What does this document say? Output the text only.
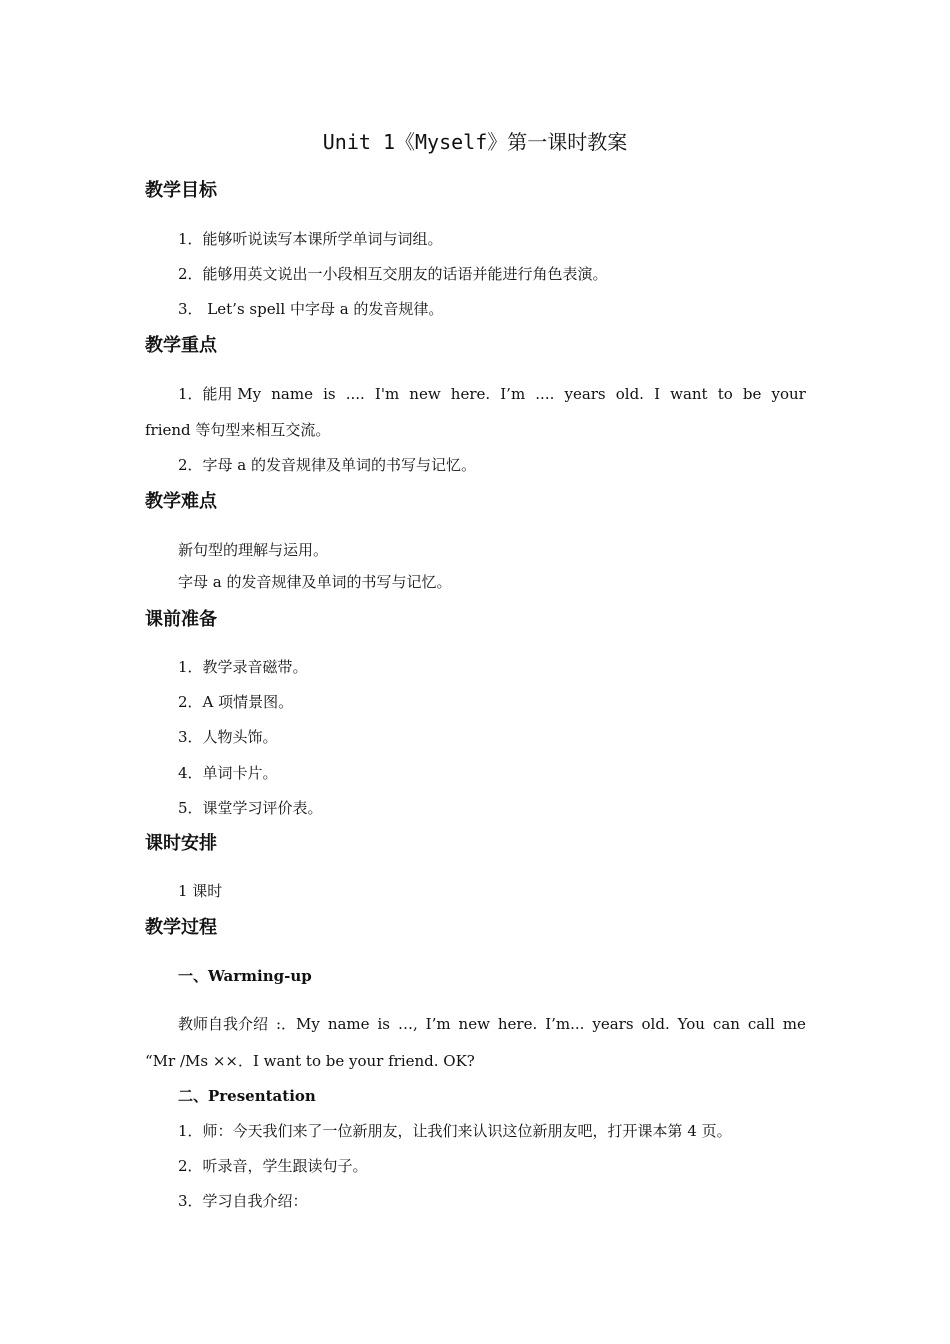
Unit 1《Myself》第一课时教案
教学目标
1．能够听说读写本课所学单词与词组。
2．能够用英文说出一小段相互交朋友的话语并能进行角色表演。
3． Let’s spell 中字母 a 的发音规律。
教学重点
1．能用 My name is .... I'm new here. I’m .... years old. I want to be your
friend 等句型来相互交流。
2．字母 a 的发音规律及单词的书写与记忆。
教学难点
新句型的理解与运用。
字母 a 的发音规律及单词的书写与记忆。
课前准备
1．教学录音磁带。
2．A 项情景图。
3．人物头饰。
4．单词卡片。
5．课堂学习评价表。
课时安排
1 课时
教学过程
一、Warming-up
教师自我介绍 :．My name is …, I’m new here. I’m... years old. You can call me
“Mr /Ms ××．I want to be your friend. OK?
二、Presentation
1．师：今天我们来了一位新朋友，让我们来认识这位新朋友吧，打开课本第 4 页。
2．听录音，学生跟读句子。
3．学习自我介绍：
